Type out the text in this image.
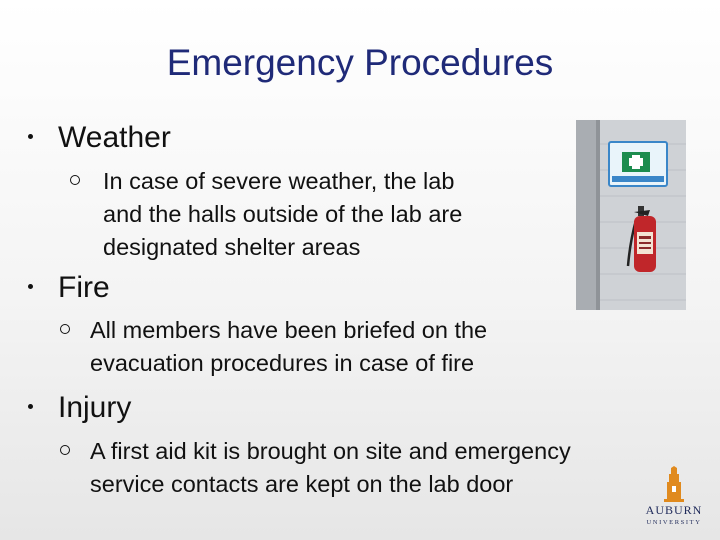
Emergency Procedures
Weather
In case of severe weather, the lab
and the halls outside of the lab are
designated shelter areas
Fire
All members have been briefed on the
evacuation procedures in case of fire
Injury
A first aid kit is brought on site and emergency
service contacts are kept on the lab door
AUBURN
UNIVERSITY
